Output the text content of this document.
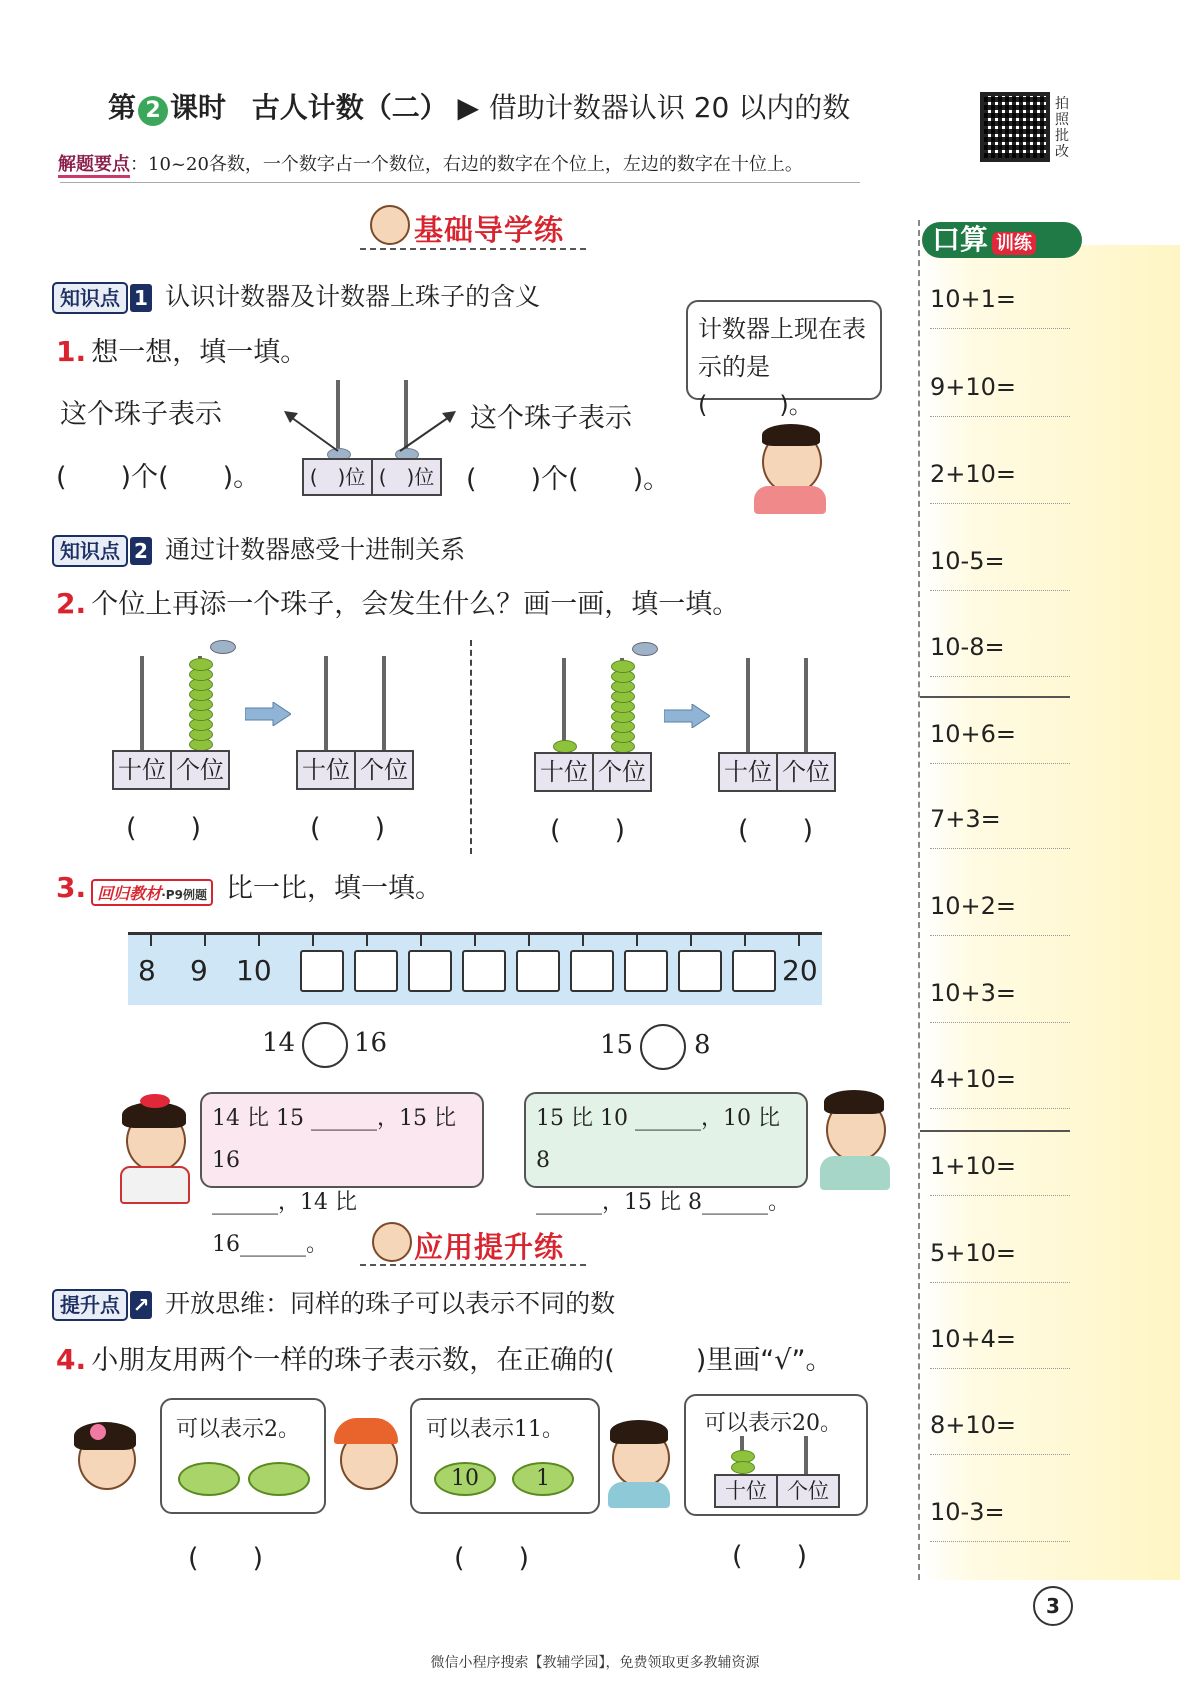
第 2 课时 古人计数（二） ▶ 借助计数器认识 20 以内的数	拍照批改
解题要点：10~20各数，一个数字占一个数位，右边的数字在个位上，左边的数字在十位上。
基础导学练
知识点 1 认识计数器及计数器上珠子的含义
1. 想一想，填一填。
这个珠子表示
(　　)个(　　)。 (　)位 (　)位
这个珠子表示
(　　)个(　　)。
计数器上现在表示的是(　　　)。
知识点 2 通过计数器感受十进制关系
2. 个位上再添一个珠子，会发生什么？画一画，填一填。
十位 个位	十位 个位
(　　)	(　　)
十位 个位	十位 个位
(　　)	(　　)
3. 回归教材·P9例题 比一比，填一填。
8 9 10	20
14 16	15 8
14 比 15 ______，15 比 16
______，14 比 16______。
15 比 10 ______，10 比 8
______，15 比 8______。
应用提升练
提升点 ↗ 开放思维：同样的珠子可以表示不同的数
4. 小朋友用两个一样的珠子表示数，在正确的(　　　)里画“√”。
可以表示2。	可以表示11。
10	1
可以表示20。
十位 个位
(　　)	(　　)	(　　)
口算 训练
10+1=
9+10=
2+10=
10-5=
10-8=
10+6=
7+3=
10+2=
10+3=
4+10=
1+10=
5+10=
10+4=
8+10=
10-3=
3
微信小程序搜索【教辅学园】，免费领取更多教辅资源
